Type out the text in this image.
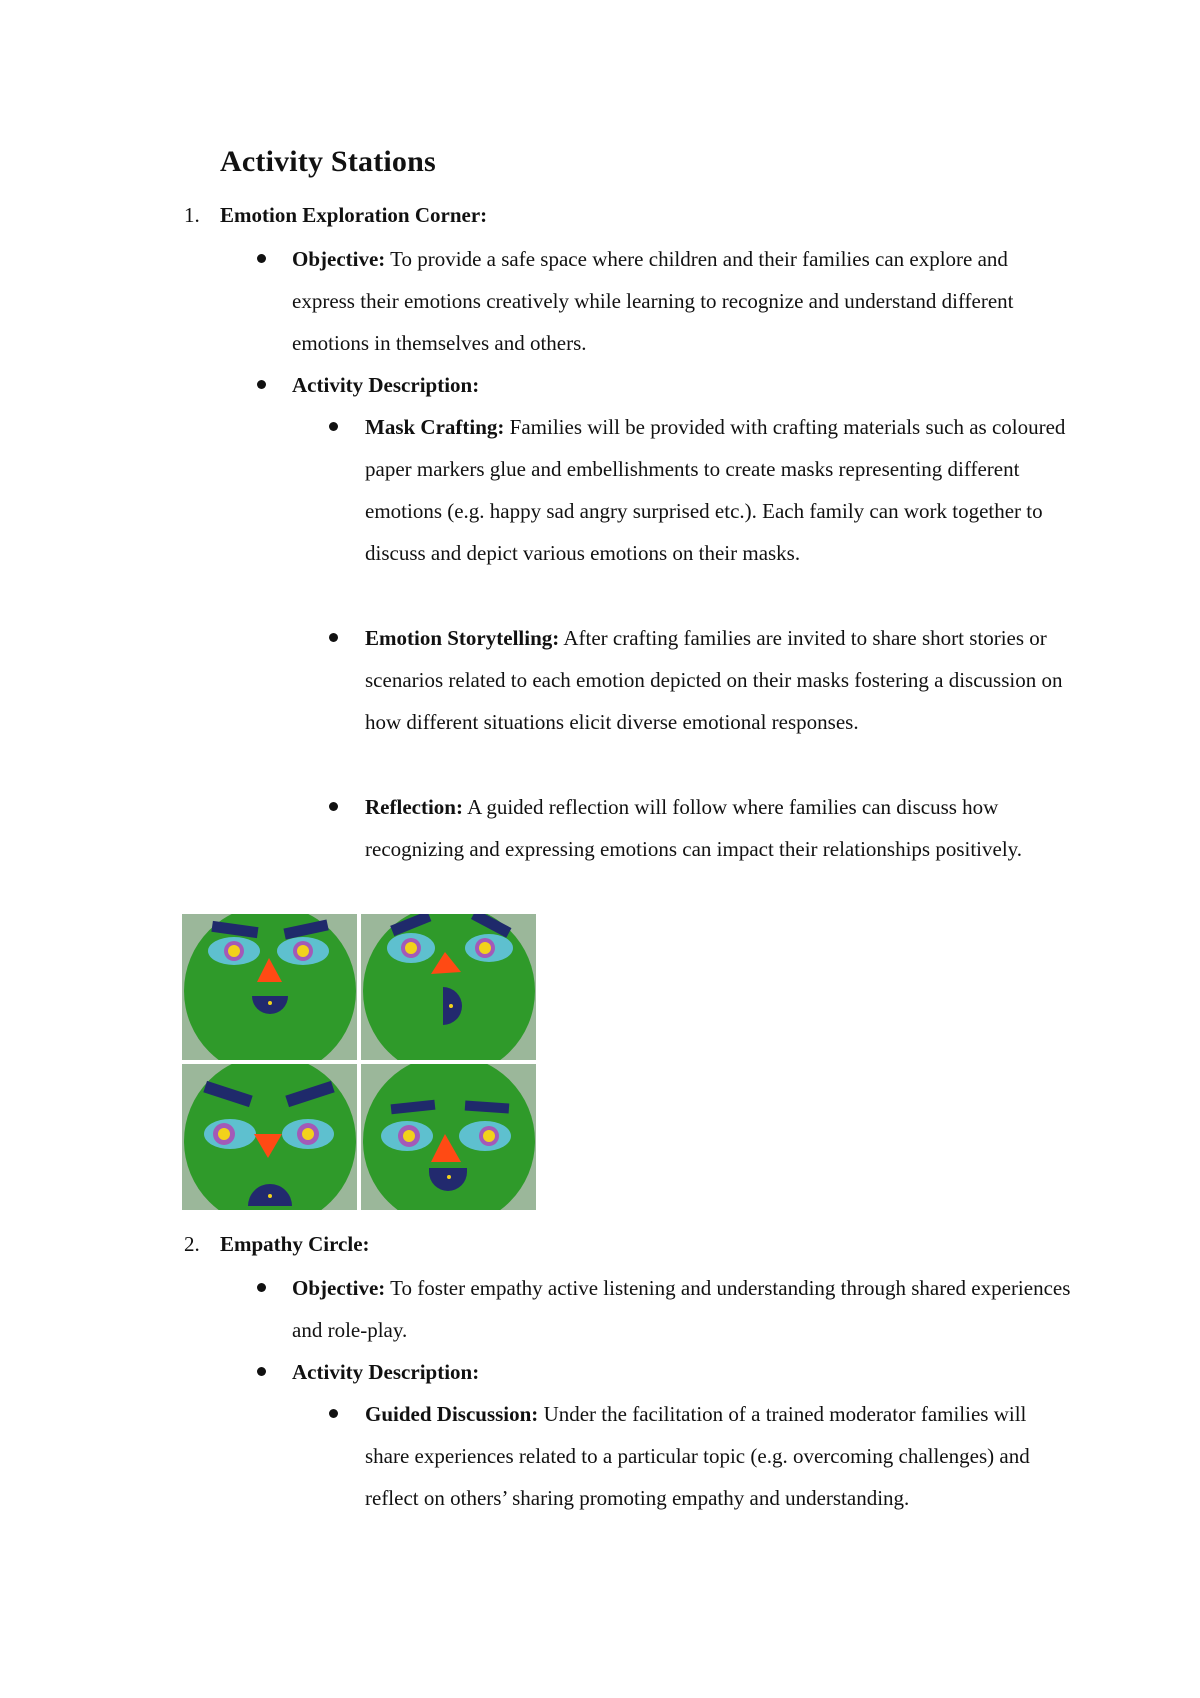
Activity Stations
1. Emotion Exploration Corner:
Objective: To provide a safe space where children and their families can explore and express their emotions creatively while learning to recognize and understand different emotions in themselves and others.
Activity Description:
Mask Crafting: Families will be provided with crafting materials such as coloured paper markers glue and embellishments to create masks representing different emotions (e.g. happy sad angry surprised etc.). Each family can work together to discuss and depict various emotions on their masks.
Emotion Storytelling: After crafting families are invited to share short stories or scenarios related to each emotion depicted on their masks fostering a discussion on how different situations elicit diverse emotional responses.
Reflection: A guided reflection will follow where families can discuss how recognizing and expressing emotions can impact their relationships positively.
2. Empathy Circle:
Objective: To foster empathy active listening and understanding through shared experiences and role-play.
Activity Description:
Guided Discussion: Under the facilitation of a trained moderator families will share experiences related to a particular topic (e.g. overcoming challenges) and reflect on others’ sharing promoting empathy and understanding.
